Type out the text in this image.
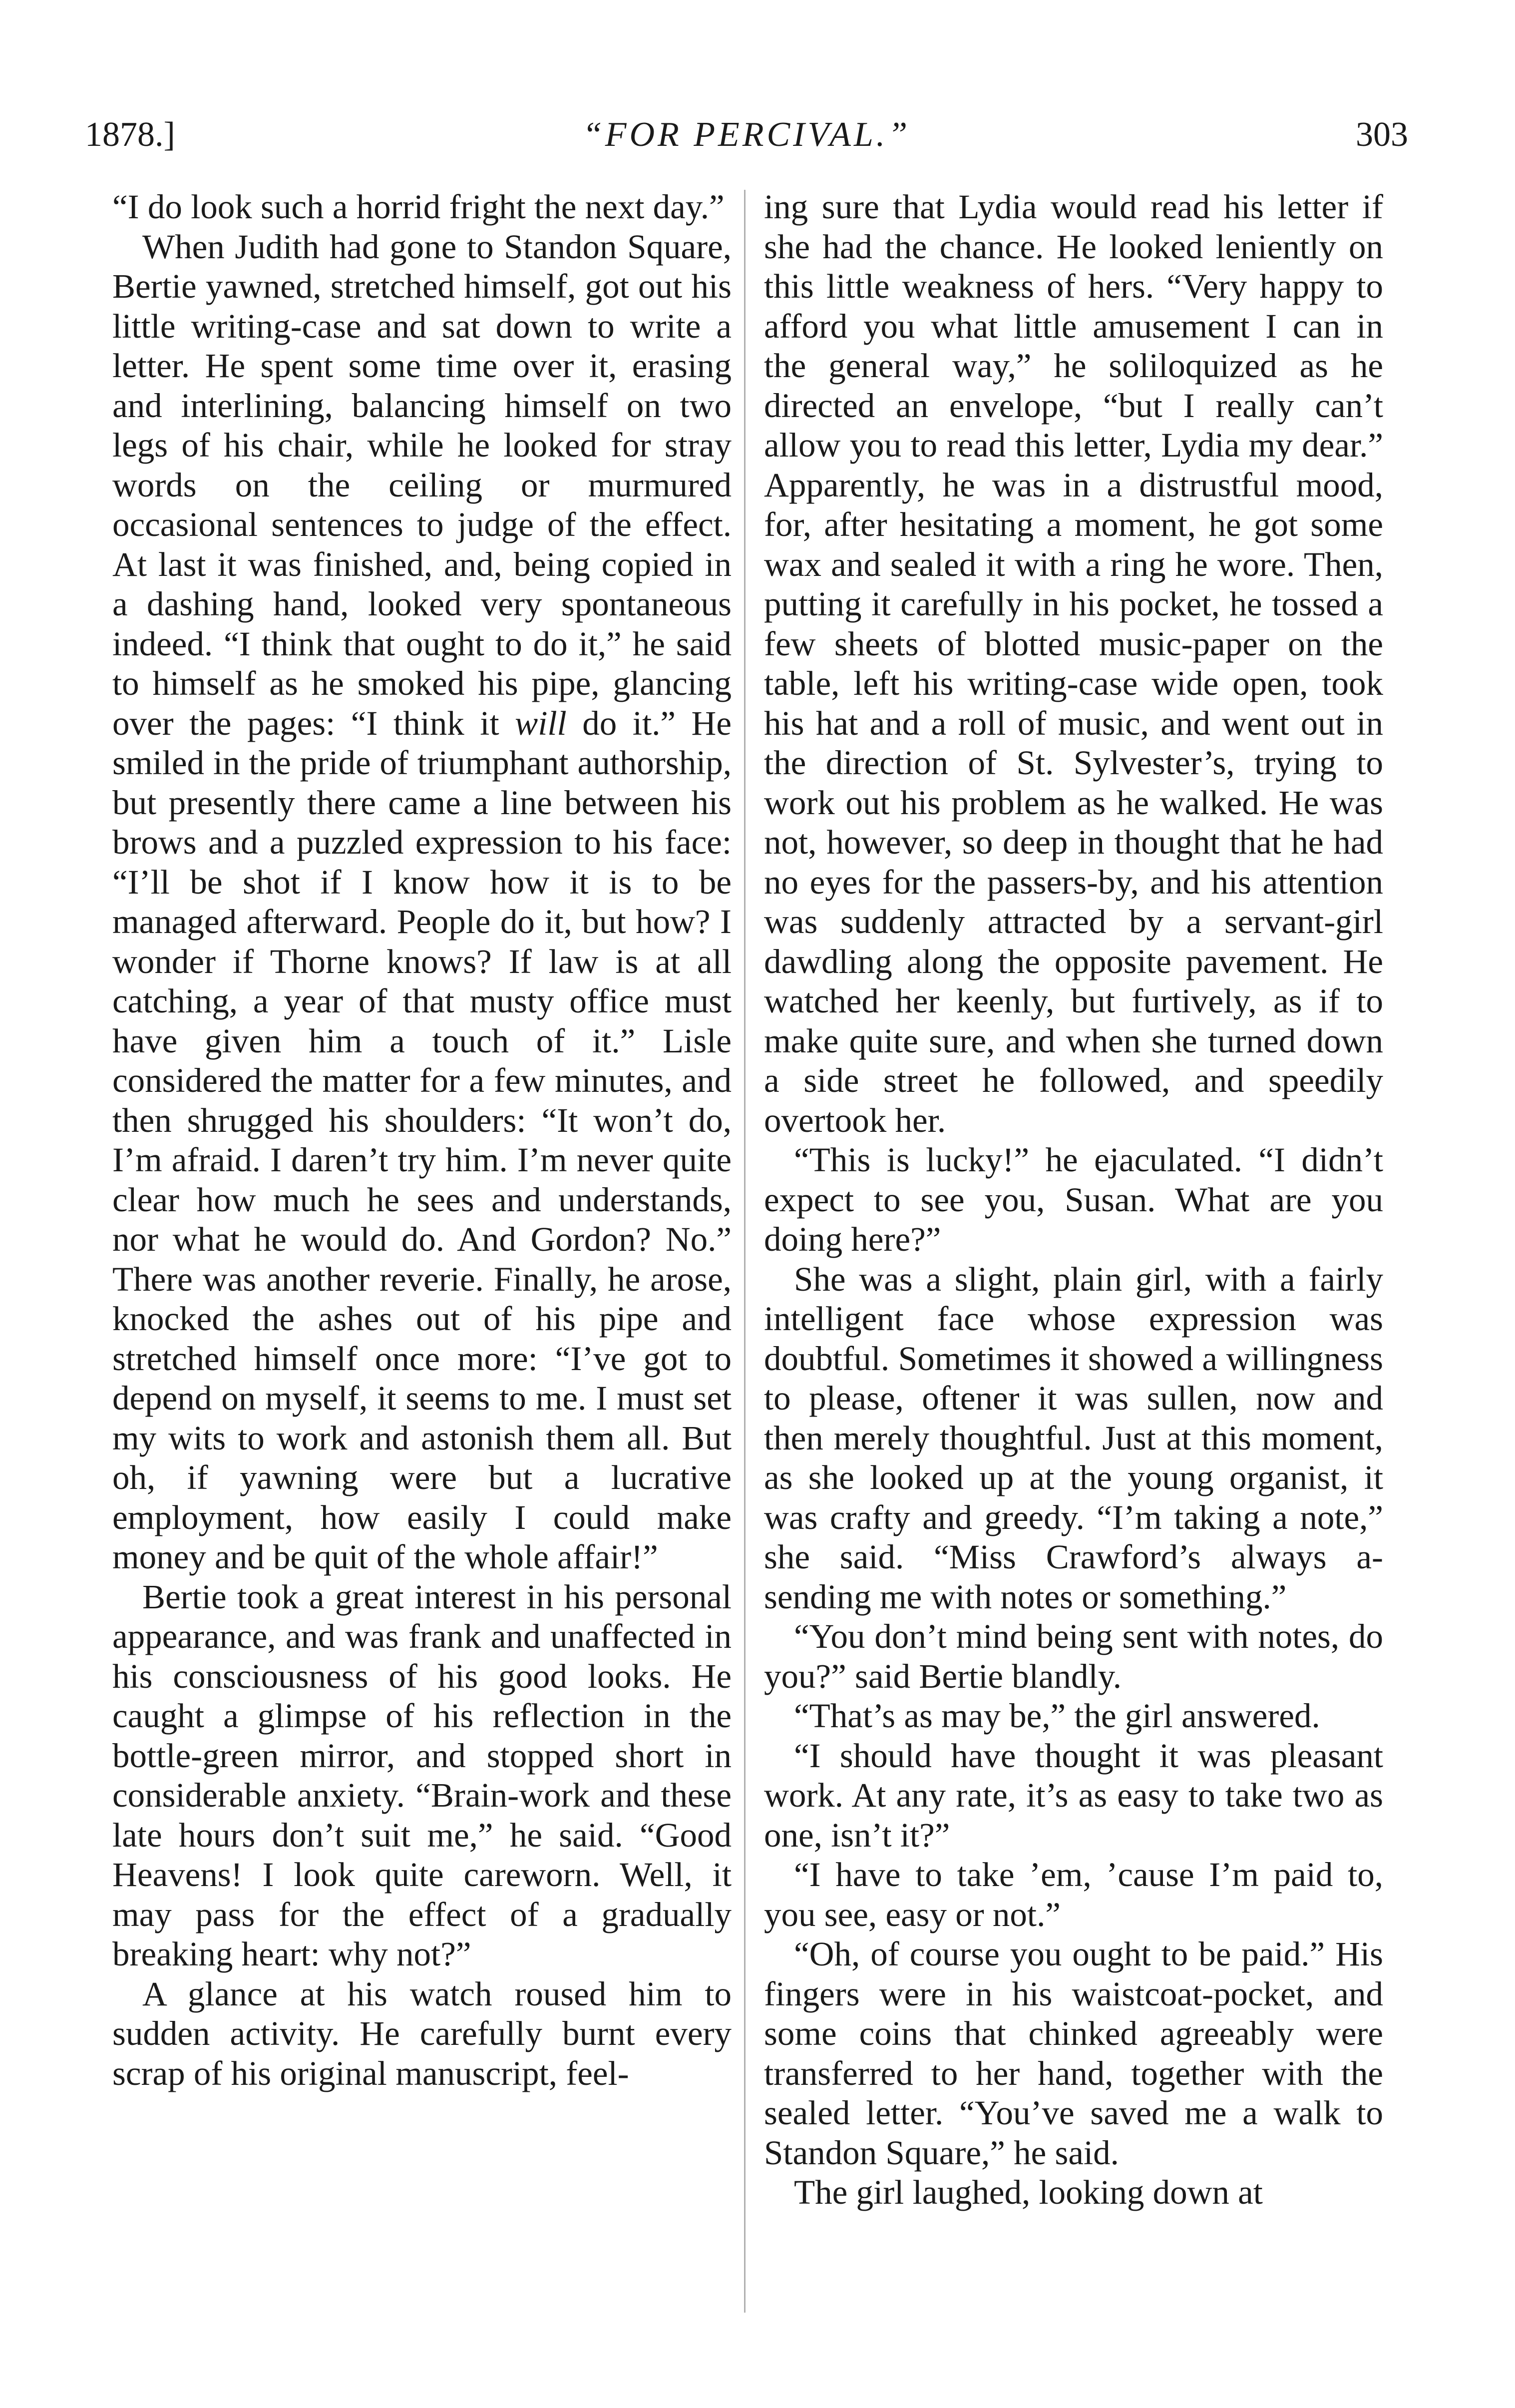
1878.]	“FOR PERCIVAL.”	303

“I do look such a horrid fright the next day.”

When Judith had gone to Standon Square, Bertie yawned, stretched himself, got out his little writing-case and sat down to write a letter. He spent some time over it, erasing and interlining, balancing himself on two legs of his chair, while he looked for stray words on the ceiling or murmured occasional sentences to judge of the effect. At last it was finished, and, being copied in a dashing hand, looked very spontaneous indeed. “I think that ought to do it,” he said to himself as he smoked his pipe, glancing over the pages: “I think it will do it.” He smiled in the pride of triumphant authorship, but presently there came a line between his brows and a puzzled expression to his face: “I’ll be shot if I know how it is to be managed afterward. People do it, but how? I wonder if Thorne knows? If law is at all catching, a year of that musty office must have given him a touch of it.” Lisle considered the matter for a few minutes, and then shrugged his shoulders: “It won’t do, I’m afraid. I daren’t try him. I’m never quite clear how much he sees and understands, nor what he would do. And Gordon? No.” There was another reverie. Finally, he arose, knocked the ashes out of his pipe and stretched himself once more: “I’ve got to depend on myself, it seems to me. I must set my wits to work and astonish them all. But oh, if yawning were but a lucrative employment, how easily I could make money and be quit of the whole affair!”

Bertie took a great interest in his personal appearance, and was frank and unaffected in his consciousness of his good looks. He caught a glimpse of his reflection in the bottle-green mirror, and stopped short in considerable anxiety. “Brain-work and these late hours don’t suit me,” he said. “Good Heavens! I look quite careworn. Well, it may pass for the effect of a gradually breaking heart: why not?”

A glance at his watch roused him to sudden activity. He carefully burnt every scrap of his original manuscript, feel-

ing sure that Lydia would read his letter if she had the chance. He looked leniently on this little weakness of hers. “Very happy to afford you what little amusement I can in the general way,” he soliloquized as he directed an envelope, “but I really can’t allow you to read this letter, Lydia my dear.” Apparently, he was in a distrustful mood, for, after hesitating a moment, he got some wax and sealed it with a ring he wore. Then, putting it carefully in his pocket, he tossed a few sheets of blotted music-paper on the table, left his writing-case wide open, took his hat and a roll of music, and went out in the direction of St. Sylvester’s, trying to work out his problem as he walked. He was not, however, so deep in thought that he had no eyes for the passers-by, and his attention was suddenly attracted by a servant-girl dawdling along the opposite pavement. He watched her keenly, but furtively, as if to make quite sure, and when she turned down a side street he followed, and speedily overtook her.

“This is lucky!” he ejaculated. “I didn’t expect to see you, Susan. What are you doing here?”

She was a slight, plain girl, with a fairly intelligent face whose expression was doubtful. Sometimes it showed a willingness to please, oftener it was sullen, now and then merely thoughtful. Just at this moment, as she looked up at the young organist, it was crafty and greedy. “I’m taking a note,” she said. “Miss Crawford’s always a-sending me with notes or something.”

“You don’t mind being sent with notes, do you?” said Bertie blandly.

“That’s as may be,” the girl answered.

“I should have thought it was pleasant work. At any rate, it’s as easy to take two as one, isn’t it?”

“I have to take ’em, ’cause I’m paid to, you see, easy or not.”

“Oh, of course you ought to be paid.” His fingers were in his waistcoat-pocket, and some coins that chinked agreeably were transferred to her hand, together with the sealed letter. “You’ve saved me a walk to Standon Square,” he said.

The girl laughed, looking down at
